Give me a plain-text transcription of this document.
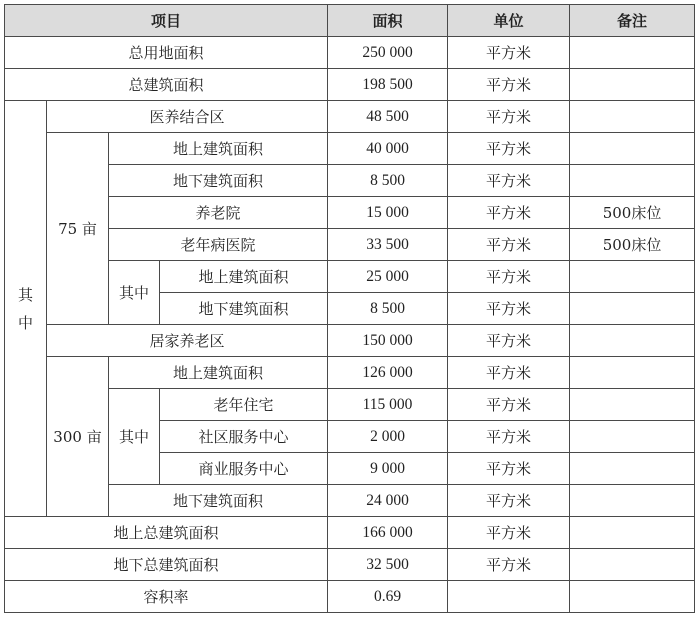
项目				面积	单位	备注
总用地面积				250 000	平方米	
总建筑面积				198 500	平方米	

其
中	医养结合区			48 500	平方米	
	75 亩	地上建筑面积		40 000	平方米	
		地下建筑面积		8 500	平方米	
		养老院		15 000	平方米	500床位
		老年病医院		33 500	平方米	500床位
		其中	地上建筑面积	25 000	平方米	
			地下建筑面积	8 500	平方米	
	居家养老区			150 000	平方米	
	300 亩	地上建筑面积		126 000	平方米	
		其中	老年住宅	115 000	平方米	
			社区服务中心	2 000	平方米	
			商业服务中心	9 000	平方米	
		地下建筑面积		24 000	平方米	
地上总建筑面积				166 000	平方米	
地下总建筑面积				32 500	平方米	
容积率				0.69		
